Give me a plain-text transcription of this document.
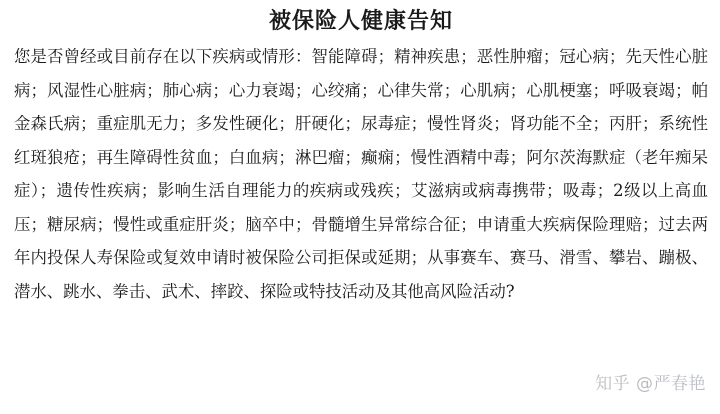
被保险人健康告知

您是否曾经或目前存在以下疾病或情形：智能障碍；精神疾患；恶性肿瘤；冠心病；先天性心脏病；风湿性心脏病；肺心病；心力衰竭；心绞痛；心律失常；心肌病；心肌梗塞；呼吸衰竭；帕金森氏病；重症肌无力；多发性硬化；肝硬化；尿毒症；慢性肾炎；肾功能不全；丙肝；系统性红斑狼疮；再生障碍性贫血；白血病；淋巴瘤；癫痫；慢性酒精中毒；阿尔茨海默症（老年痴呆症）；遗传性疾病；影响生活自理能力的疾病或残疾；艾滋病或病毒携带；吸毒；2级以上高血压；糖尿病；慢性或重症肝炎；脑卒中；骨髓增生异常综合征；申请重大疾病保险理赔；过去两年内投保人寿保险或复效申请时被保险公司拒保或延期；从事赛车、赛马、滑雪、攀岩、蹦极、潜水、跳水、拳击、武术、摔跤、探险或特技活动及其他高风险活动?

知乎 @严春艳
